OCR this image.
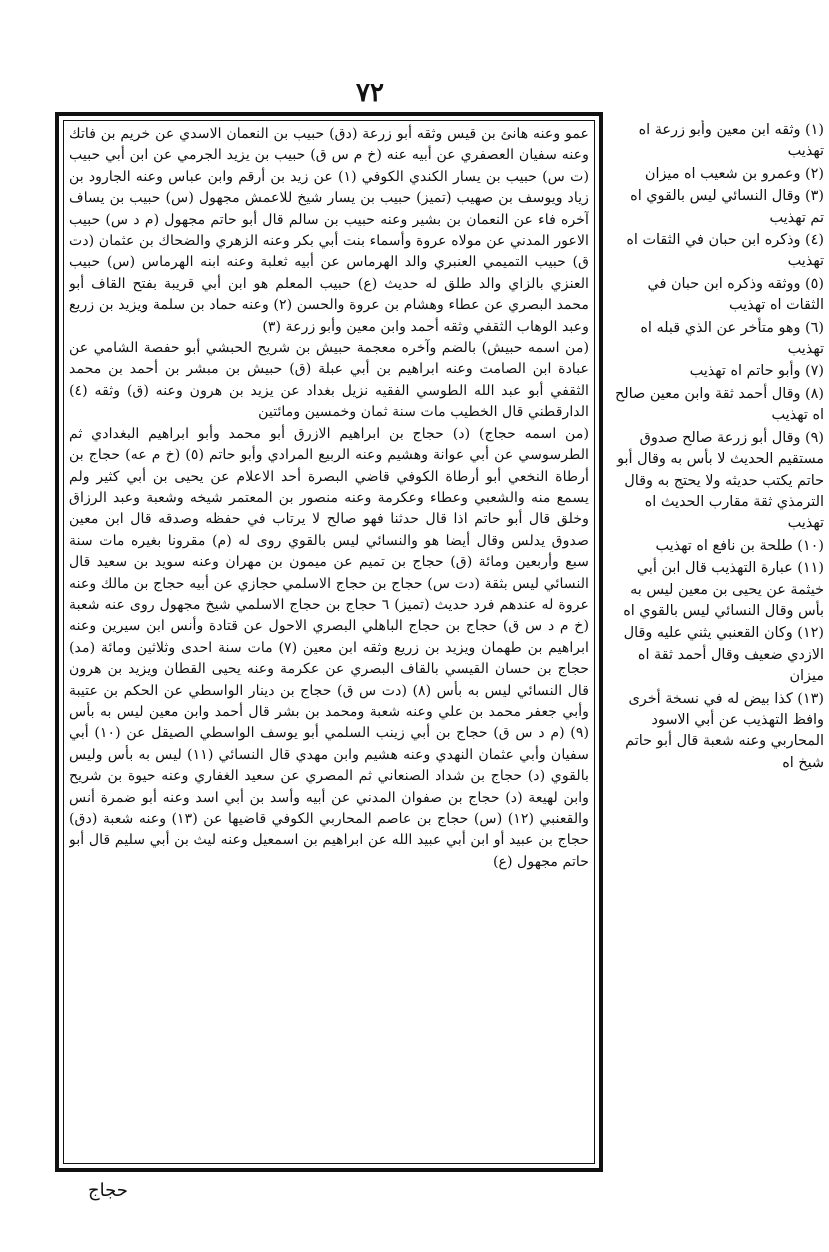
٧٢

عمو وعنه هانئ بن قيس وثقه أبو زرعة (دق) حبيب بن النعمان الاسدي عن خريم بن فاتك وعنه سفيان العصفري عن أبيه عنه (خ م س ق) حبيب بن يزيد الجرمي عن ابن أبي حبيب (ت س) حبيب بن يسار الكندي الكوفي (١) عن زيد بن أرقم وابن عباس وعنه الجارود بن زياد ويوسف بن صهيب (تميز) حبيب بن يسار شيخ للاعمش مجهول (س) حبيب بن يساف آخره فاء عن النعمان بن بشير وعنه حبيب بن سالم قال أبو حاتم مجهول (م د س) حبيب الاعور المدني عن مولاه عروة وأسماء بنت أبي بكر وعنه الزهري والضحاك بن عثمان (دت ق) حبيب التميمي العنبري والد الهرماس عن أبيه ثعلبة وعنه ابنه الهرماس (س) حبيب العنزي بالزاي والد طلق له حديث (ع) حبيب المعلم هو ابن أبي قريبة بفتح القاف أبو محمد البصري عن عطاء وهشام بن عروة والحسن (٢) وعنه حماد بن سلمة ويزيد بن زريع وعبد الوهاب الثقفي وثقه أحمد وابن معين وأبو زرعة (٣)

(من اسمه حبيش) بالضم وآخره معجمة حبيش بن شريح الحبشي أبو حفصة الشامي عن عبادة ابن الصامت وعنه ابراهيم بن أبي عبلة (ق) حبيش بن مبشر بن أحمد بن محمد الثقفي أبو عبد الله الطوسي الفقيه نزيل بغداد عن يزيد بن هرون وعنه (ق) وثقه (٤) الدارقطني قال الخطيب مات سنة ثمان وخمسين ومائتين

(من اسمه حجاج) (د) حجاج بن ابراهيم الازرق أبو محمد وأبو ابراهيم البغدادي ثم الطرسوسي عن أبي عوانة وهشيم وعنه الربيع المرادي وأبو حاتم (٥) (خ م عه) حجاج بن أرطاة النخعي أبو أرطاة الكوفي قاضي البصرة أحد الاعلام عن يحيى بن أبي كثير ولم يسمع منه والشعبي وعطاء وعكرمة وعنه منصور بن المعتمر شيخه وشعبة وعبد الرزاق وخلق قال أبو حاتم اذا قال حدثنا فهو صالح لا يرتاب في حفظه وصدقه قال ابن معين صدوق يدلس وقال أيضا هو والنسائي ليس بالقوي روى له (م) مقرونا بغيره مات سنة سبع وأربعين ومائة (ق) حجاج بن تميم عن ميمون بن مهران وعنه سويد بن سعيد قال النسائي ليس بثقة (دت س) حجاج بن حجاج الاسلمي حجازي عن أبيه حجاج بن مالك وعنه عروة له عندهم فرد حديث (تميز) ٦ حجاج بن حجاج الاسلمي شيخ مجهول روى عنه شعبة (خ م د س ق) حجاج بن حجاج الباهلي البصري الاحول عن قتادة وأنس ابن سيرين وعنه ابراهيم بن طهمان ويزيد بن زريع وثقه ابن معين (٧) مات سنة احدى وثلاثين ومائة (مد) حجاج بن حسان القيسي بالقاف البصري عن عكرمة وعنه يحيى القطان ويزيد بن هرون قال النسائي ليس به بأس (٨) (دت س ق) حجاج بن دينار الواسطي عن الحكم بن عتيبة وأبي جعفر محمد بن علي وعنه شعبة ومحمد بن بشر قال أحمد وابن معين ليس به بأس (٩) (م د س ق) حجاج بن أبي زينب السلمي أبو يوسف الواسطي الصيقل عن (١٠) أبي سفيان وأبي عثمان النهدي وعنه هشيم وابن مهدي قال النسائي (١١) ليس به بأس وليس بالقوي (د) حجاج بن شداد الصنعاني ثم المصري عن سعيد الغفاري وعنه حيوة بن شريح وابن لهيعة (د) حجاج بن صفوان المدني عن أبيه وأسد بن أبي اسد وعنه أبو ضمرة أنس والقعنبي (١٢) (س) حجاج بن عاصم المحاربي الكوفي قاضيها عن (١٣) وعنه شعبة (دق) حجاج بن عبيد أو ابن أبي عبيد الله عن ابراهيم بن اسمعيل وعنه ليث بن أبي سليم قال أبو حاتم مجهول (ع)

(١) وثقه ابن معين وأبو زرعة اه تهذيب

(٢) وعمرو بن شعيب اه ميزان

(٣) وقال النسائي ليس بالقوي اه تم تهذيب

(٤) وذكره ابن حبان في الثقات اه تهذيب

(٥) ووثقه وذكره ابن حبان في الثقات اه تهذيب

(٦) وهو متأخر عن الذي قبله اه تهذيب

(٧) وأبو حاتم اه تهذيب

(٨) وقال أحمد ثقة وابن معين صالح اه تهذيب

(٩) وقال أبو زرعة صالح صدوق مستقيم الحديث لا بأس به وقال أبو حاتم يكتب حديثه ولا يحتج به وقال الترمذي ثقة مقارب الحديث اه تهذيب

(١٠) طلحة بن نافع اه تهذيب

(١١) عبارة التهذيب قال ابن أبي خيثمة عن يحيى بن معين ليس به بأس وقال النسائي ليس بالقوي اه

(١٢) وكان القعنبي يثني عليه وقال الازدي ضعيف وقال أحمد ثقة اه ميزان

(١٣) كذا بيض له في نسخة أخرى وافظ التهذيب عن أبي الاسود المحاربي وعنه شعبة قال أبو حاتم شيخ اه

حجاج
